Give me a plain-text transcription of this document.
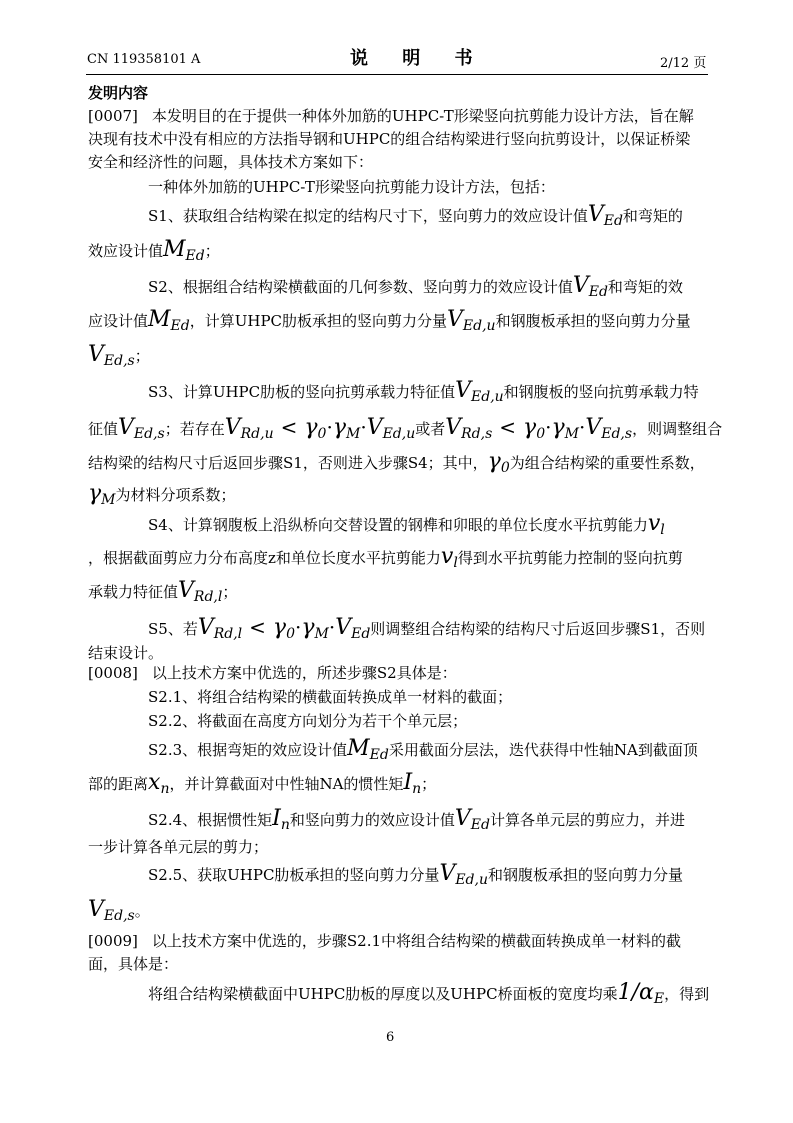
CN 119358101 A	说 明 书	2/12 页
发明内容
[0007] 本发明目的在于提供一种体外加筋的UHPC-T形梁竖向抗剪能力设计方法，旨在解
决现有技术中没有相应的方法指导钢和UHPC的组合结构梁进行竖向抗剪设计，以保证桥梁
安全和经济性的问题，具体技术方案如下：
一种体外加筋的UHPC-T形梁竖向抗剪能力设计方法，包括：
S1、获取组合结构梁在拟定的结构尺寸下，竖向剪力的效应设计值$V_{Ed}$和弯矩的
效应设计值$M_{Ed}$；
S2、根据组合结构梁横截面的几何参数、竖向剪力的效应设计值$V_{Ed}$和弯矩的效
应设计值$M_{Ed}$，计算UHPC肋板承担的竖向剪力分量$V_{Ed,u}$和钢腹板承担的竖向剪力分量
$V_{Ed,s}$；
S3、计算UHPC肋板的竖向抗剪承载力特征值$V_{Ed,u}$和钢腹板的竖向抗剪承载力特
征值$V_{Ed,s}$；若存在$V_{Rd,u} < \gamma_0\cdot\gamma_M\cdot V_{Ed,u}$或者$V_{Rd,s} < \gamma_0\cdot\gamma_M\cdot V_{Ed,s}$，则调整组合
结构梁的结构尺寸后返回步骤S1，否则进入步骤S4；其中，$\gamma_0$为组合结构梁的重要性系数，
$\gamma_M$为材料分项系数；
S4、计算钢腹板上沿纵桥向交替设置的钢榫和卯眼的单位长度水平抗剪能力$v_l$
，根据截面剪应力分布高度z和单位长度水平抗剪能力$v_l$得到水平抗剪能力控制的竖向抗剪
承载力特征值$V_{Rd,l}$；
S5、若$V_{Rd,l} < \gamma_0\cdot\gamma_M\cdot V_{Ed}$则调整组合结构梁的结构尺寸后返回步骤S1，否则
结束设计。
[0008] 以上技术方案中优选的，所述步骤S2具体是：
S2.1、将组合结构梁的横截面转换成单一材料的截面；
S2.2、将截面在高度方向划分为若干个单元层；
S2.3、根据弯矩的效应设计值$M_{Ed}$采用截面分层法，迭代获得中性轴NA到截面顶
部的距离$x_n$，并计算截面对中性轴NA的惯性矩$I_n$；
S2.4、根据惯性矩$I_n$和竖向剪力的效应设计值$V_{Ed}$计算各单元层的剪应力，并进
一步计算各单元层的剪力；
S2.5、获取UHPC肋板承担的竖向剪力分量$V_{Ed,u}$和钢腹板承担的竖向剪力分量
$V_{Ed,s}$。
[0009] 以上技术方案中优选的，步骤S2.1中将组合结构梁的横截面转换成单一材料的截
面，具体是：
将组合结构梁横截面中UHPC肋板的厚度以及UHPC桥面板的宽度均乘$1/\alpha_E$，得到
6
